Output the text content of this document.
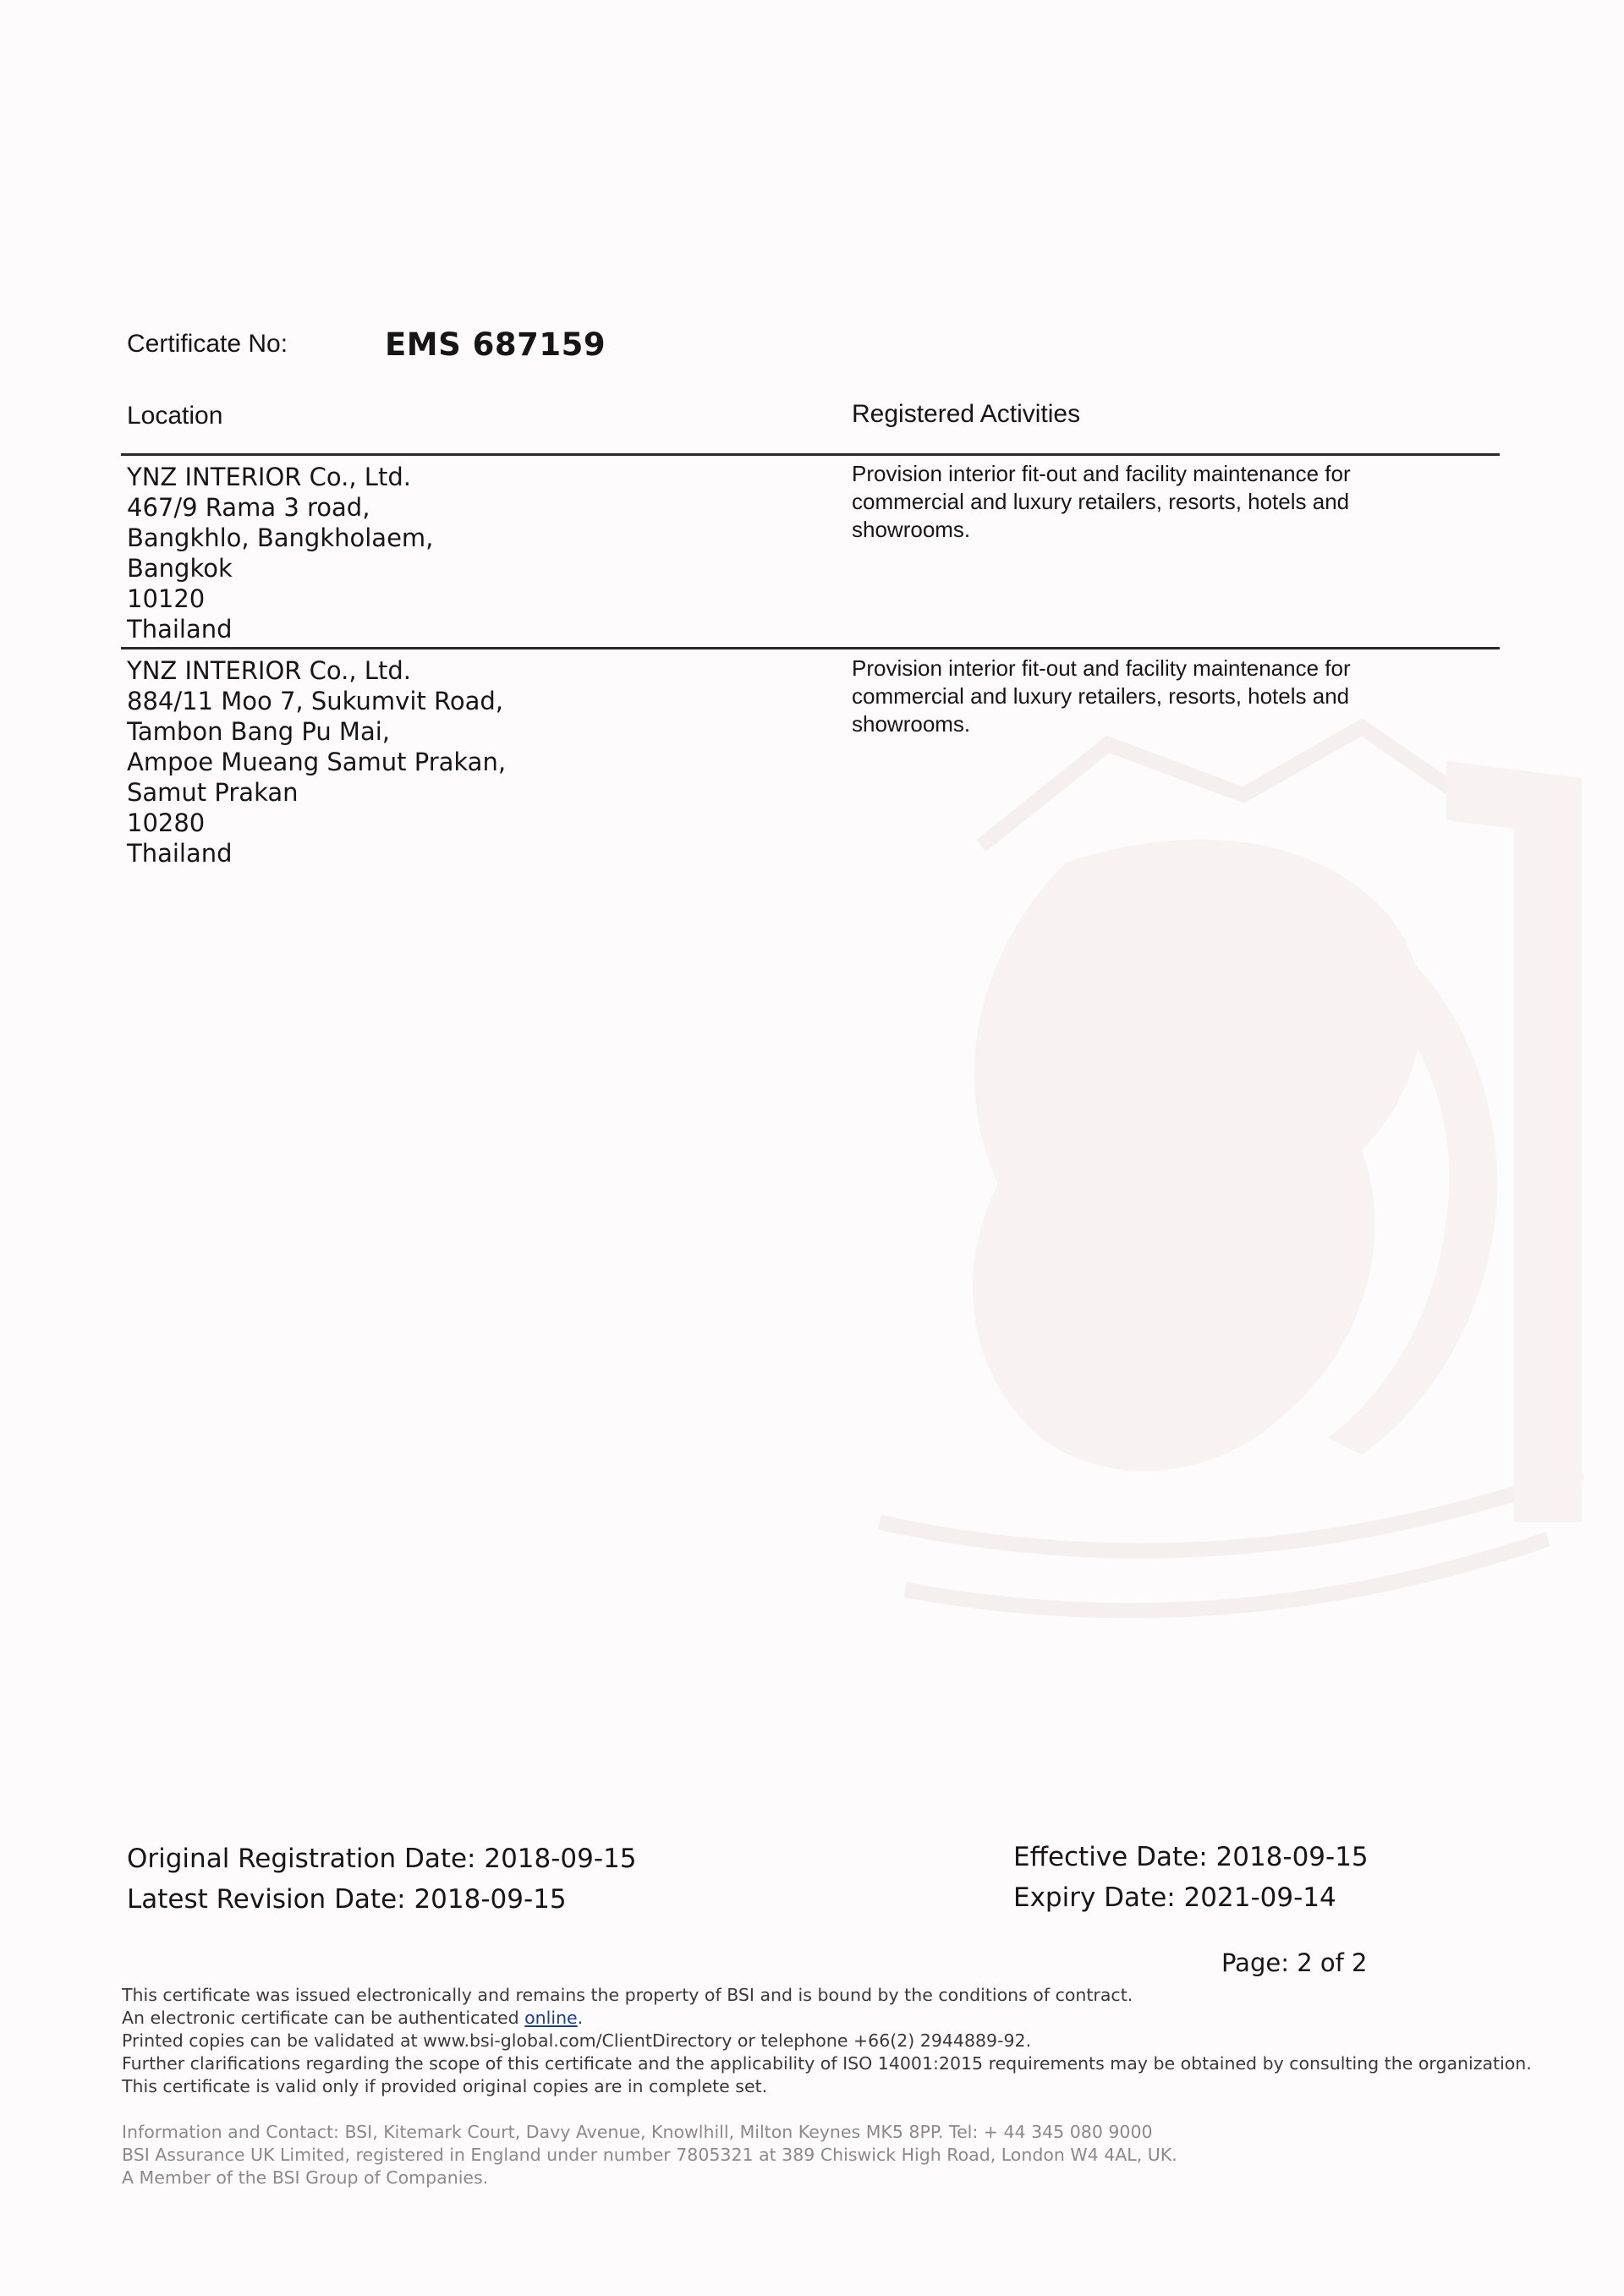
Certificate No:	EMS 687159
Location	Registered Activities
YNZ INTERIOR Co., Ltd.
467/9 Rama 3 road,
Bangkhlo, Bangkholaem,
Bangkok
10120
Thailand
Provision interior fit-out and facility maintenance for
commercial and luxury retailers, resorts, hotels and
showrooms.
YNZ INTERIOR Co., Ltd.
884/11 Moo 7, Sukumvit Road,
Tambon Bang Pu Mai,
Ampoe Mueang Samut Prakan,
Samut Prakan
10280
Thailand
Provision interior fit-out and facility maintenance for
commercial and luxury retailers, resorts, hotels and
showrooms.
Original Registration Date: 2018-09-15
Latest Revision Date: 2018-09-15
Effective Date: 2018-09-15
Expiry Date: 2021-09-14
Page: 2 of 2
This certificate was issued electronically and remains the property of BSI and is bound by the conditions of contract.
An electronic certificate can be authenticated online.
Printed copies can be validated at www.bsi-global.com/ClientDirectory or telephone +66(2) 2944889-92.
Further clarifications regarding the scope of this certificate and the applicability of ISO 14001:2015 requirements may be obtained by consulting the organization.
This certificate is valid only if provided original copies are in complete set.
Information and Contact: BSI, Kitemark Court, Davy Avenue, Knowlhill, Milton Keynes MK5 8PP. Tel: + 44 345 080 9000
BSI Assurance UK Limited, registered in England under number 7805321 at 389 Chiswick High Road, London W4 4AL, UK.
A Member of the BSI Group of Companies.
